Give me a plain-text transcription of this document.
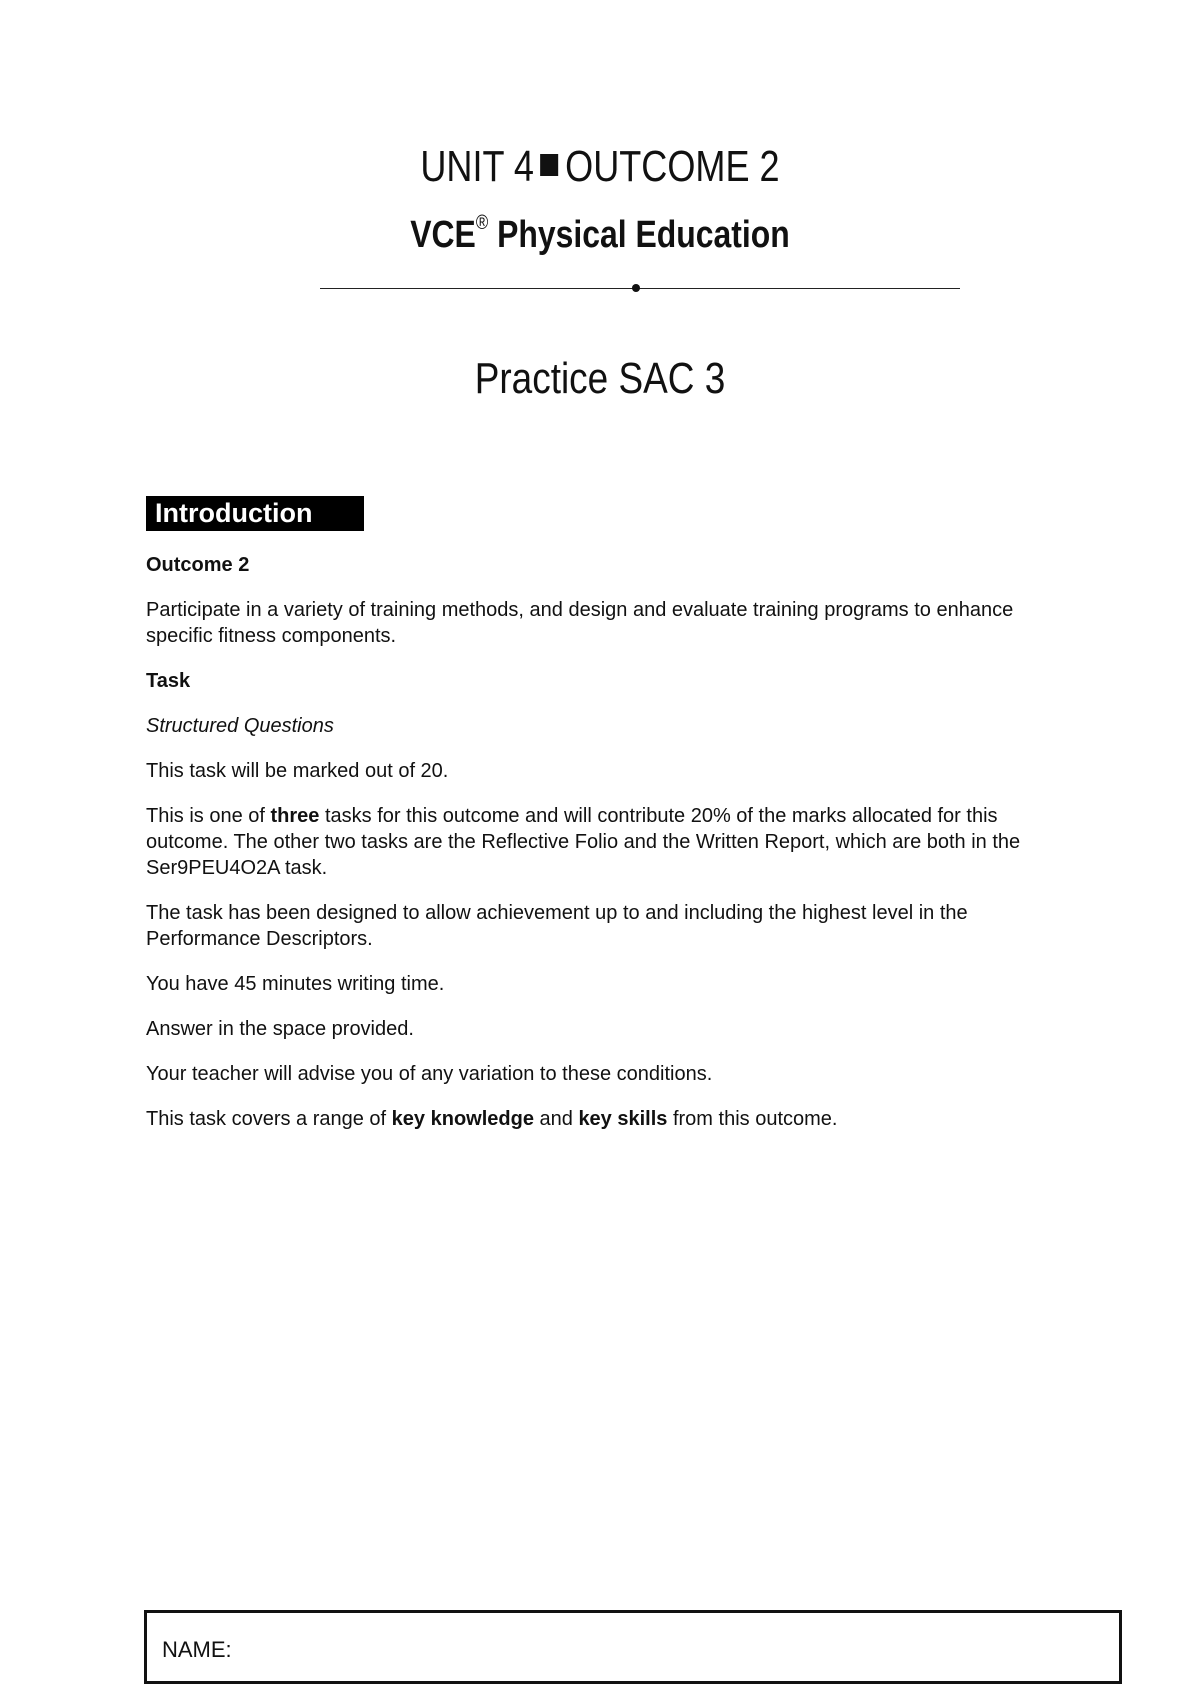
UNIT 4 OUTCOME 2
VCE® Physical Education
Practice SAC 3
Introduction

Outcome 2

Participate in a variety of training methods, and design and evaluate training programs to enhance specific fitness components.

Task

Structured Questions

This task will be marked out of 20.

This is one of three tasks for this outcome and will contribute 20% of the marks allocated for this outcome. The other two tasks are the Reflective Folio and the Written Report, which are both in the Ser9PEU4O2A task.

The task has been designed to allow achievement up to and including the highest level in the Performance Descriptors.

You have 45 minutes writing time.

Answer in the space provided.

Your teacher will advise you of any variation to these conditions.

This task covers a range of key knowledge and key skills from this outcome.

NAME:
